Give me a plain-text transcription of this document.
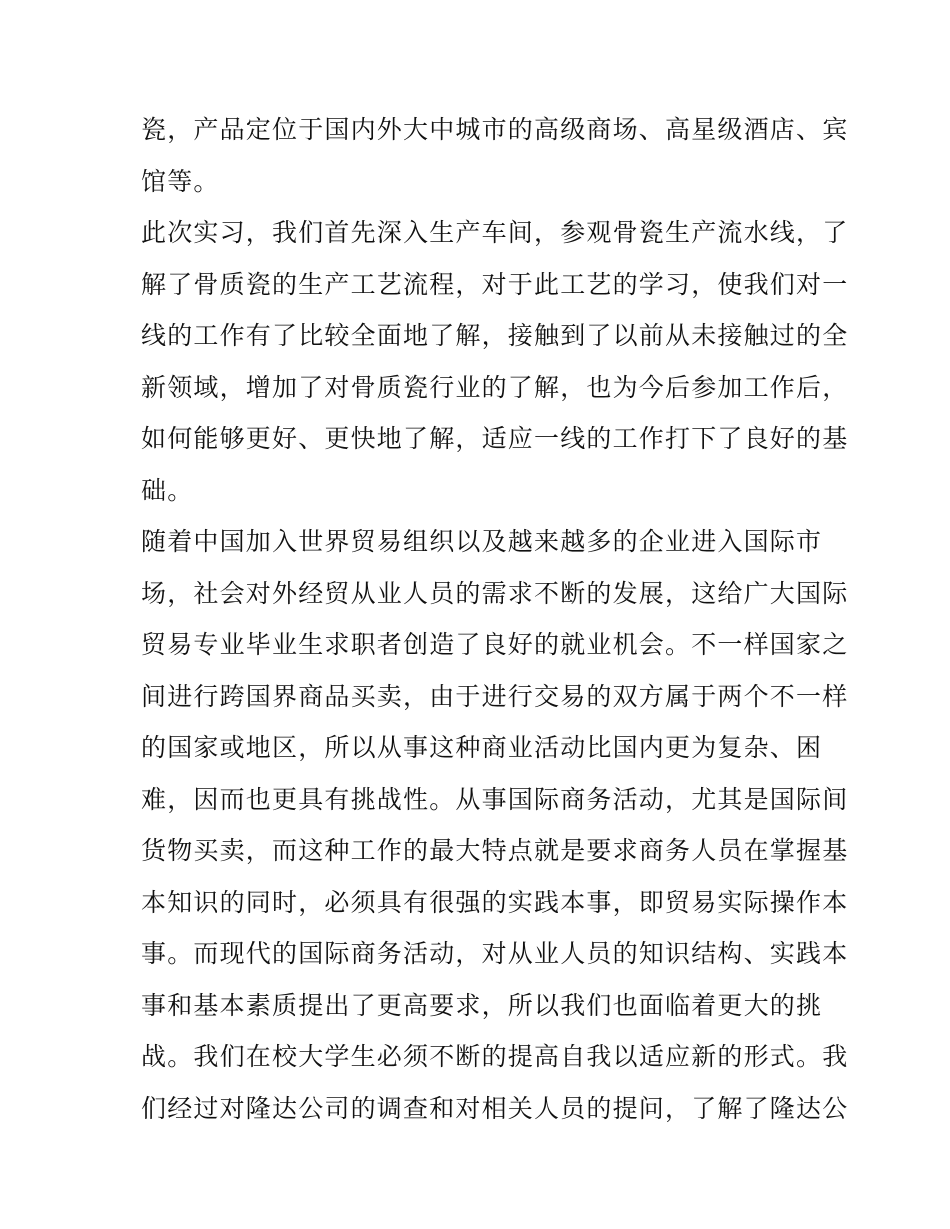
瓷，产品定位于国内外大中城市的高级商场、高星级酒店、宾
馆等。
此次实习，我们首先深入生产车间，参观骨瓷生产流水线，了
解了骨质瓷的生产工艺流程，对于此工艺的学习，使我们对一
线的工作有了比较全面地了解，接触到了以前从未接触过的全
新领域，增加了对骨质瓷行业的了解，也为今后参加工作后，
如何能够更好、更快地了解，适应一线的工作打下了良好的基
础。
随着中国加入世界贸易组织以及越来越多的企业进入国际市
场，社会对外经贸从业人员的需求不断的发展，这给广大国际
贸易专业毕业生求职者创造了良好的就业机会。不一样国家之
间进行跨国界商品买卖，由于进行交易的双方属于两个不一样
的国家或地区，所以从事这种商业活动比国内更为复杂、困
难，因而也更具有挑战性。从事国际商务活动，尤其是国际间
货物买卖，而这种工作的最大特点就是要求商务人员在掌握基
本知识的同时，必须具有很强的实践本事，即贸易实际操作本
事。而现代的国际商务活动，对从业人员的知识结构、实践本
事和基本素质提出了更高要求，所以我们也面临着更大的挑
战。我们在校大学生必须不断的提高自我以适应新的形式。我
们经过对隆达公司的调查和对相关人员的提问，了解了隆达公
